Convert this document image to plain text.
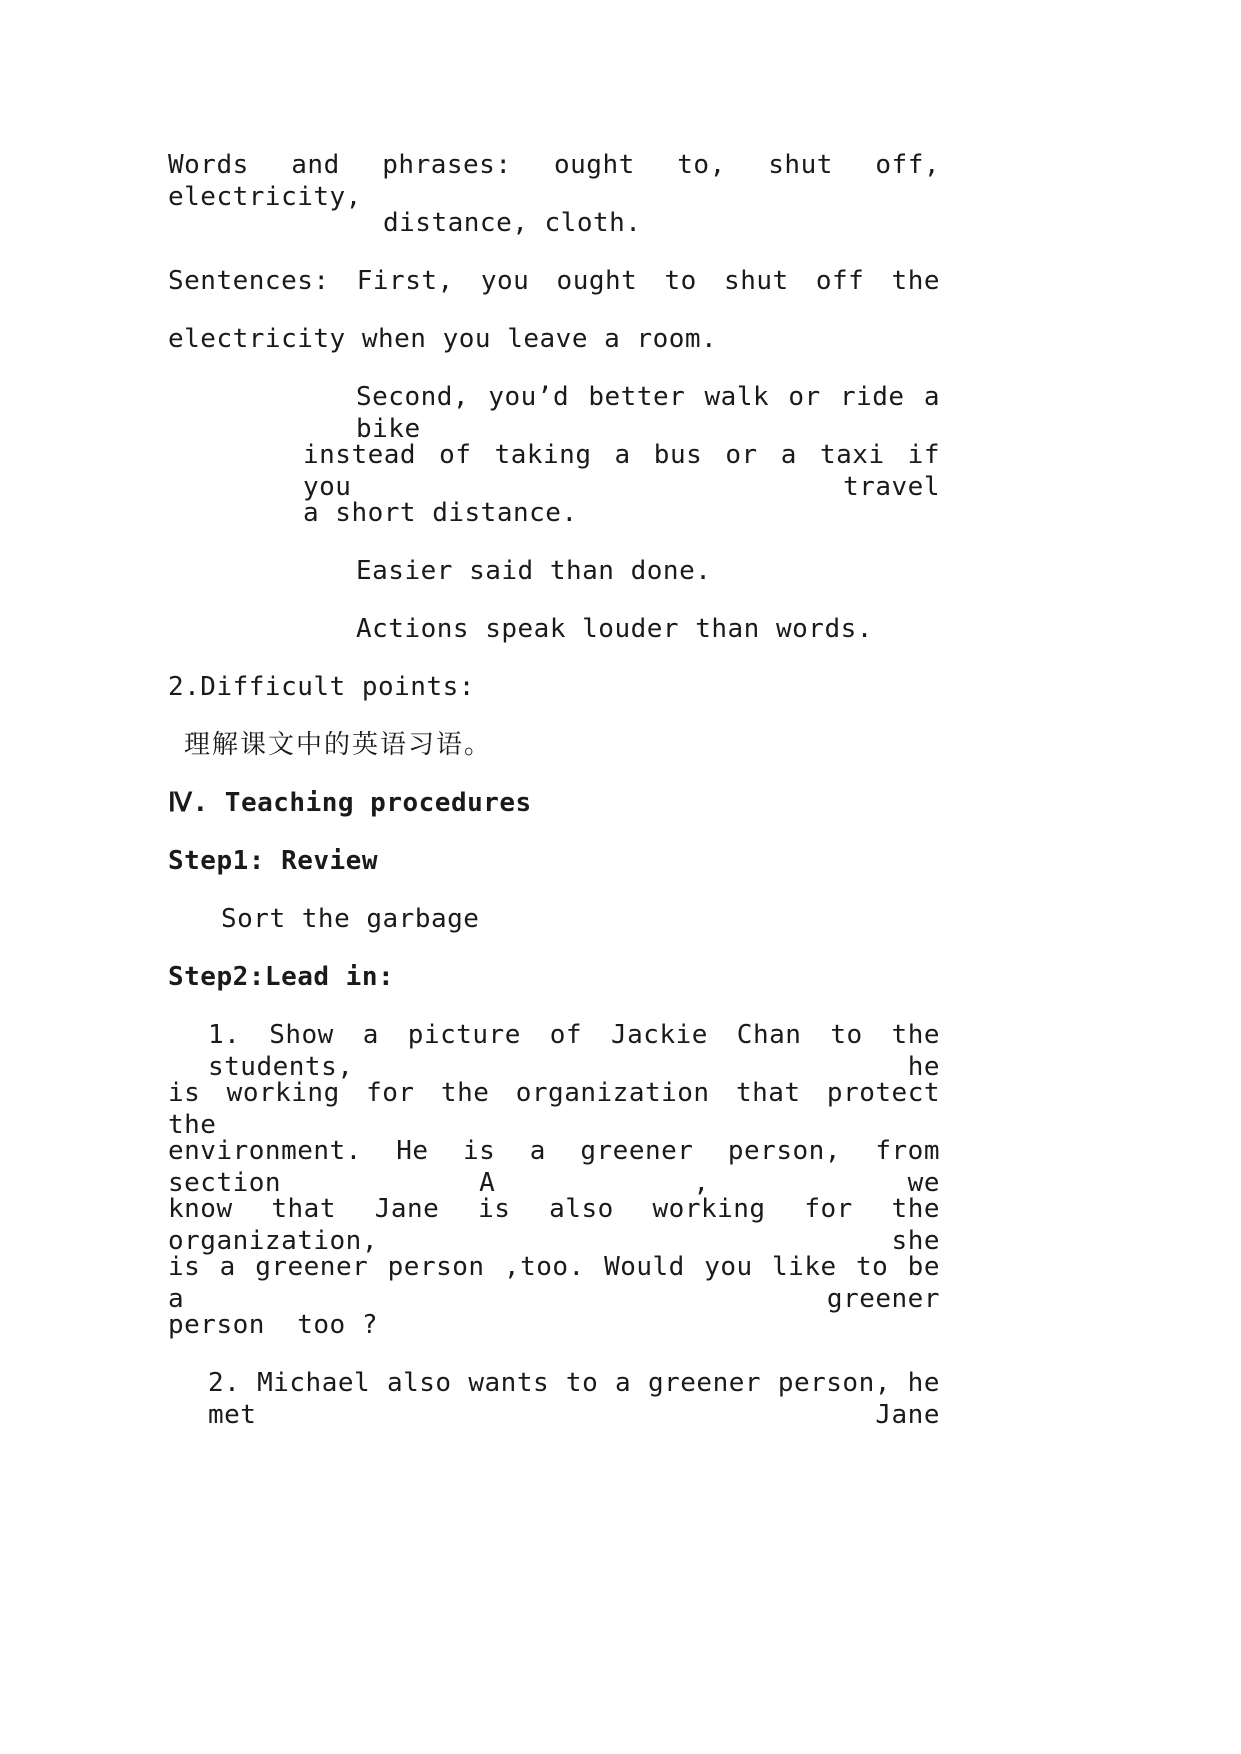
Words and phrases: ought to, shut off, electricity,
distance, cloth.
Sentences: First, you ought to shut off the
electricity when you leave a room.
Second, you’d better walk or ride a bike
instead of taking a bus or a taxi if you travel
a short distance.
Easier said than done.
Actions speak louder than words.
2.Difficult points:
理解课文中的英语习语。
Ⅳ. Teaching procedures
Step1: Review
Sort the garbage
Step2:Lead in:
1. Show a picture of Jackie Chan to the students, he
is working for the organization that protect the
environment. He is a greener person, from section A , we
know that Jane is also working for the organization, she
is a greener person ,too. Would you like to be a greener
person  too ?
2. Michael also wants to a greener person, he met Jane
